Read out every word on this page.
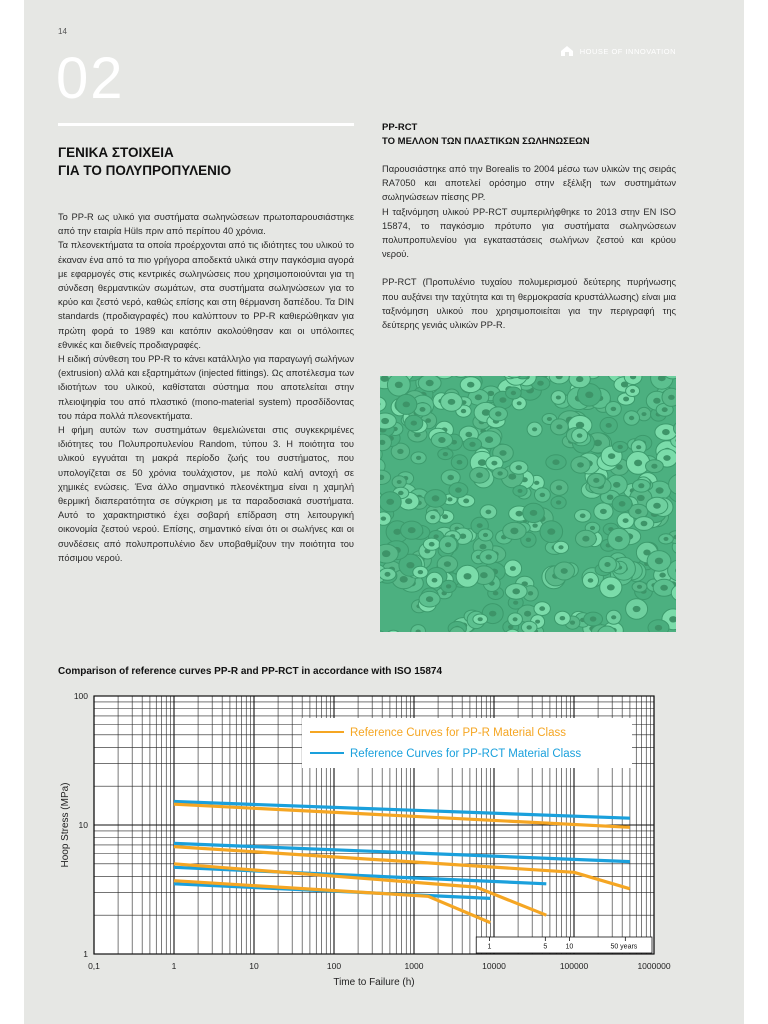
14
HOUSE OF INNOVATION
02
ΓΕΝΙΚΑ ΣΤΟΙΧΕΙΑ
ΓΙΑ ΤΟ ΠΟΛΥΠΡΟΠΥΛΕΝΙΟ

Το PP-R ως υλικό για συστήματα σωληνώσεων πρωτοπαρουσιάστηκε από την εταιρία Hüls πριν από περίπου 40 χρόνια.

Τα πλεονεκτήματα τα οποία προέρχονται από τις ιδιότητες του υλικού το έκαναν ένα από τα πιο γρήγορα αποδεκτά υλικά στην παγκόσμια αγορά με εφαρμογές στις κεντρικές σωληνώσεις που χρησιμοποιούνται για τη σύνδεση θερμαντικών σωμάτων, στα συστήματα σωληνώσεων για το κρύο και ζεστό νερό, καθώς επίσης και στη θέρμανση δαπέδου. Τα DIN standards (προδιαγραφές) που καλύπτουν το PP-R καθιερώθηκαν για πρώτη φορά το 1989 και κατόπιν ακολούθησαν και οι υπόλοιπες εθνικές και διεθνείς προδιαγραφές.

Η ειδική σύνθεση του PP-R το κάνει κατάλληλο για παραγωγή σωλήνων (extrusion) αλλά και εξαρτημάτων (injected fittings). Ως αποτέλεσμα των ιδιοτήτων του υλικού, καθίσταται σύστημα που αποτελείται στην πλειοψηφία του από πλαστικό (mono-material system) προσδίδοντας του πάρα πολλά πλεονεκτήματα.

Η φήμη αυτών των συστημάτων θεμελιώνεται στις συγκεκριμένες ιδιότητες του Πολυπροπυλενίου Random, τύπου 3. Η ποιότητα του υλικού εγγυάται τη μακρά περίοδο ζωής του συστήματος, που υπολογίζεται σε 50 χρόνια τουλάχιστον, με πολύ καλή αντοχή σε χημικές ενώσεις. Ένα άλλο σημαντικό πλεονέκτημα είναι η χαμηλή θερμική διαπερατότητα σε σύγκριση με τα παραδοσιακά συστήματα. Αυτό το χαρακτηριστικό έχει σοβαρή επίδραση στη λειτουργική οικονομία ζεστού νερού. Επίσης, σημαντικό είναι ότι οι σωλήνες και οι συνδέσεις από πολυπροπυλένιο δεν υποβαθμίζουν την ποιότητα του πόσιμου νερού.

PP-RCT
ΤΟ ΜΕΛΛΟΝ ΤΩΝ ΠΛΑΣΤΙΚΩΝ ΣΩΛΗΝΩΣΕΩΝ

Παρουσιάστηκε από την Borealis το 2004 μέσω των υλικών της σειράς RA7050 και αποτελεί ορόσημο στην εξέλιξη των συστημάτων σωληνώσεων πίεσης PP.

Η ταξινόμηση υλικού PP-RCT συμπεριλήφθηκε το 2013 στην EN ISO 15874, το παγκόσμιο πρότυπο για συστήματα σωληνώσεων πολυπροπυλενίου για εγκαταστάσεις σωλήνων ζεστού και κρύου νερού.

PP-RCT (Προπυλένιο τυχαίου πολυμερισμού δεύτερης πυρήνωσης που αυξάνει την ταχύτητα και τη θερμοκρασία κρυστάλλωσης) είναι μια ταξινόμηση υλικού που χρησιμοποιείται για την περιγραφή της δεύτερης γενιάς υλικών PP-R.

Comparison of reference curves PP-R and PP-RCT in accordance with ISO 15874
0,1	1	10	100	1000	10000	100000	1000000
1
10
100
Time to Failure (h)
Hoop Stress (MPa)
1	5	10	50 years
Reference Curves for PP-R Material Class
Reference Curves for PP-RCT Material Class
